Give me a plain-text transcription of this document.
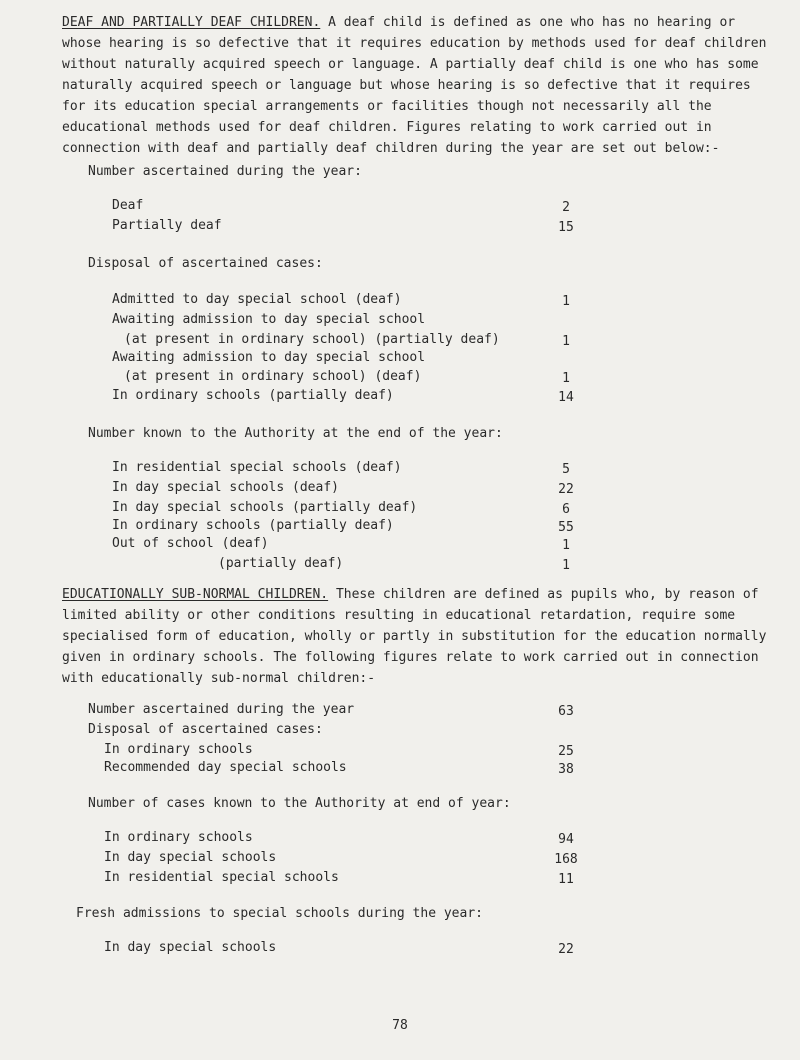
DEAF AND PARTIALLY DEAF CHILDREN. A deaf child is defined as one who has no hearing or whose hearing is so defective that it requires education by methods used for deaf children without naturally acquired speech or language. A partially deaf child is one who has some naturally acquired speech or language but whose hearing is so defective that it requires for its education special arrangements or facilities though not necessarily all the educational methods used for deaf children. Figures relating to work carried out in connection with deaf and partially deaf children during the year are set out below:-

Number ascertained during the year:
Deaf	2
Partially deaf	15
Disposal of ascertained cases:
Admitted to day special school (deaf)	1
Awaiting admission to day special school
(at present in ordinary school) (partially deaf)	1
Awaiting admission to day special school
(at present in ordinary school) (deaf)	1
In ordinary schools (partially deaf)	14
Number known to the Authority at the end of the year:
In residential special schools (deaf)	5
In day special schools (deaf)	22
In day special schools (partially deaf)	6
In ordinary schools (partially deaf)	55
Out of school (deaf)	1
(partially deaf)	1

EDUCATIONALLY SUB-NORMAL CHILDREN. These children are defined as pupils who, by reason of limited ability or other conditions resulting in educational retardation, require some specialised form of education, wholly or partly in substitution for the education normally given in ordinary schools. The following figures relate to work carried out in connection with educationally sub-normal children:-

Number ascertained during the year	63
Disposal of ascertained cases:
In ordinary schools	25
Recommended day special schools	38
Number of cases known to the Authority at end of year:
In ordinary schools	94
In day special schools	168
In residential special schools	11
Fresh admissions to special schools during the year:
In day special schools	22
78
